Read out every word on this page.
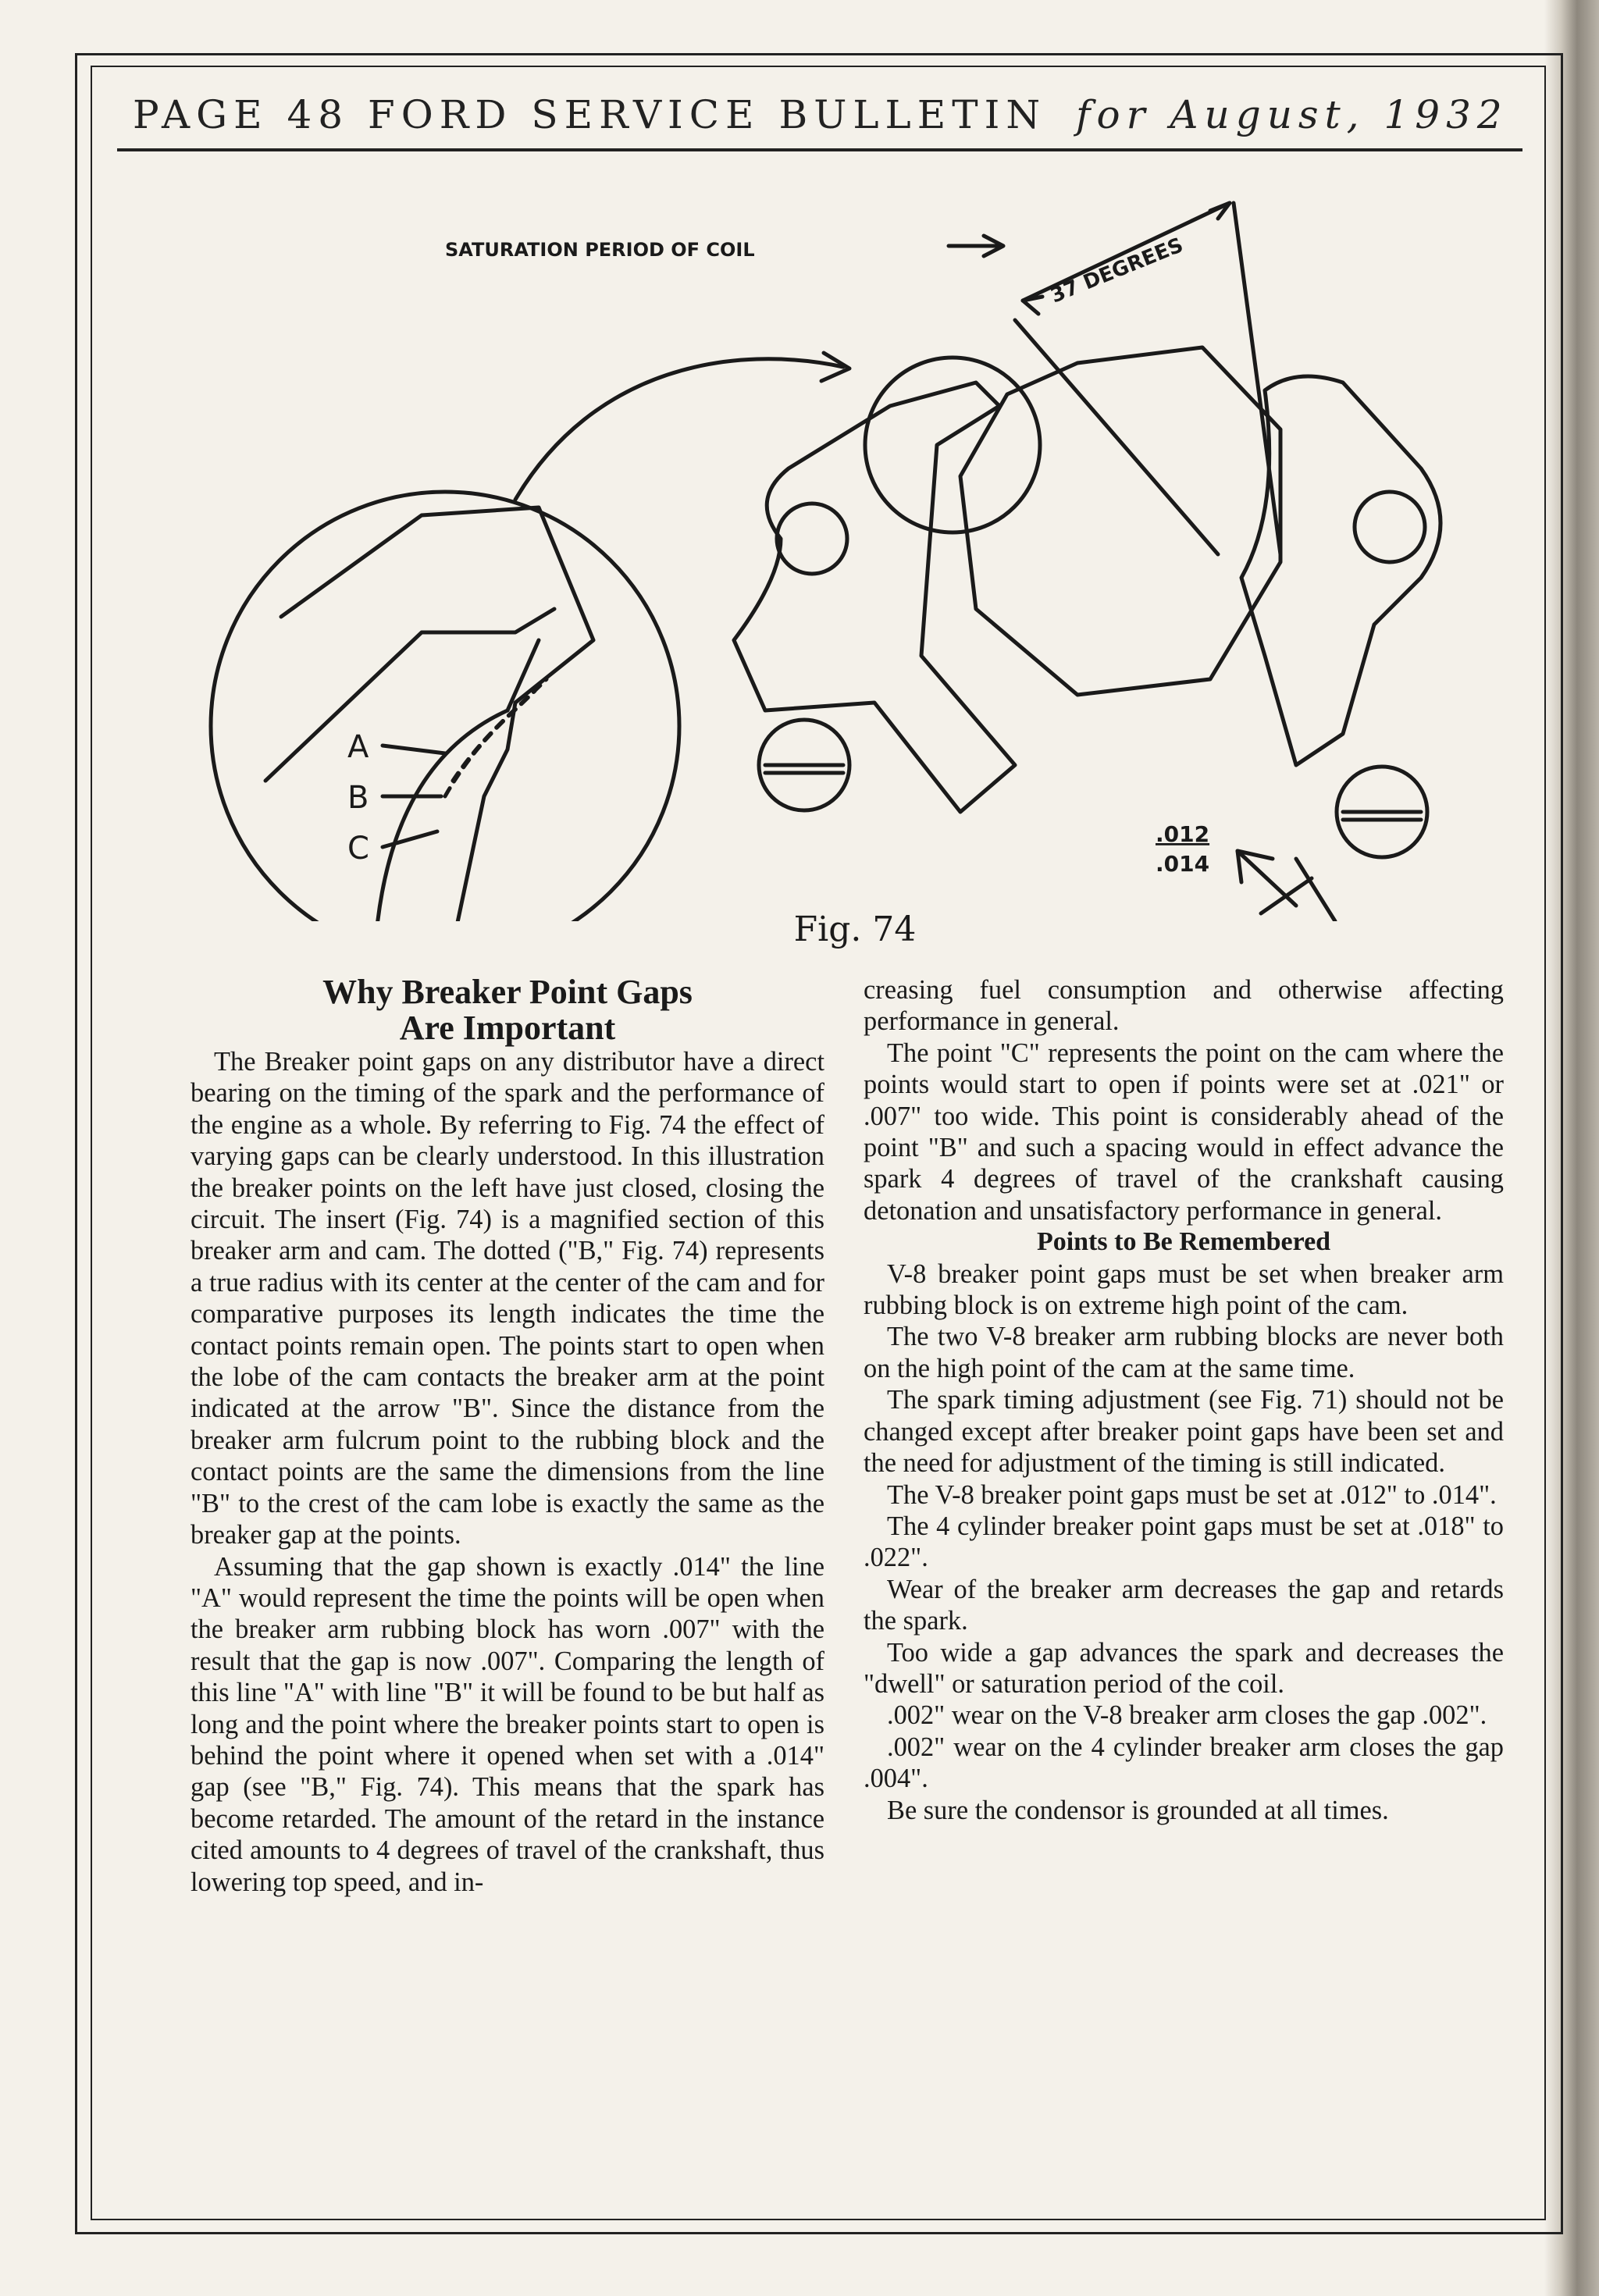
PAGE 48 FORD SERVICE BULLETIN for August, 1932
SATURATION PERIOD OF COIL	37 DEGREES
A
B
C	.012
.014
Fig. 74

Why Breaker Point Gaps
Are Important

The Breaker point gaps on any distributor have a direct bearing on the timing of the spark and the performance of the engine as a whole. By referring to Fig. 74 the effect of varying gaps can be clearly understood. In this illustration the breaker points on the left have just closed, closing the circuit. The insert (Fig. 74) is a magnified section of this breaker arm and cam. The dotted ("B," Fig. 74) represents a true radius with its center at the center of the cam and for comparative purposes its length indicates the time the contact points remain open. The points start to open when the lobe of the cam contacts the breaker arm at the point indicated at the arrow "B". Since the distance from the breaker arm fulcrum point to the rubbing block and the contact points are the same the dimensions from the line "B" to the crest of the cam lobe is exactly the same as the breaker gap at the points.

Assuming that the gap shown is exactly .014" the line "A" would represent the time the points will be open when the breaker arm rubbing block has worn .007" with the result that the gap is now .007". Comparing the length of this line "A" with line "B" it will be found to be but half as long and the point where the breaker points start to open is behind the point where it opened when set with a .014" gap (see "B," Fig. 74). This means that the spark has become retarded. The amount of the retard in the instance cited amounts to 4 degrees of travel of the crankshaft, thus lowering top speed, and in-

creasing fuel consumption and otherwise affecting performance in general.

The point "C" represents the point on the cam where the points would start to open if points were set at .021" or .007" too wide. This point is considerably ahead of the point "B" and such a spacing would in effect advance the spark 4 degrees of travel of the crankshaft causing detonation and unsatisfactory performance in general.

Points to Be Remembered

V-8 breaker point gaps must be set when breaker arm rubbing block is on extreme high point of the cam.

The two V-8 breaker arm rubbing blocks are never both on the high point of the cam at the same time.

The spark timing adjustment (see Fig. 71) should not be changed except after breaker point gaps have been set and the need for adjustment of the timing is still indicated.

The V-8 breaker point gaps must be set at .012" to .014".

The 4 cylinder breaker point gaps must be set at .018" to .022".

Wear of the breaker arm decreases the gap and retards the spark.

Too wide a gap advances the spark and decreases the "dwell" or saturation period of the coil.

.002" wear on the V-8 breaker arm closes the gap .002".

.002" wear on the 4 cylinder breaker arm closes the gap .004".

Be sure the condensor is grounded at all times.
